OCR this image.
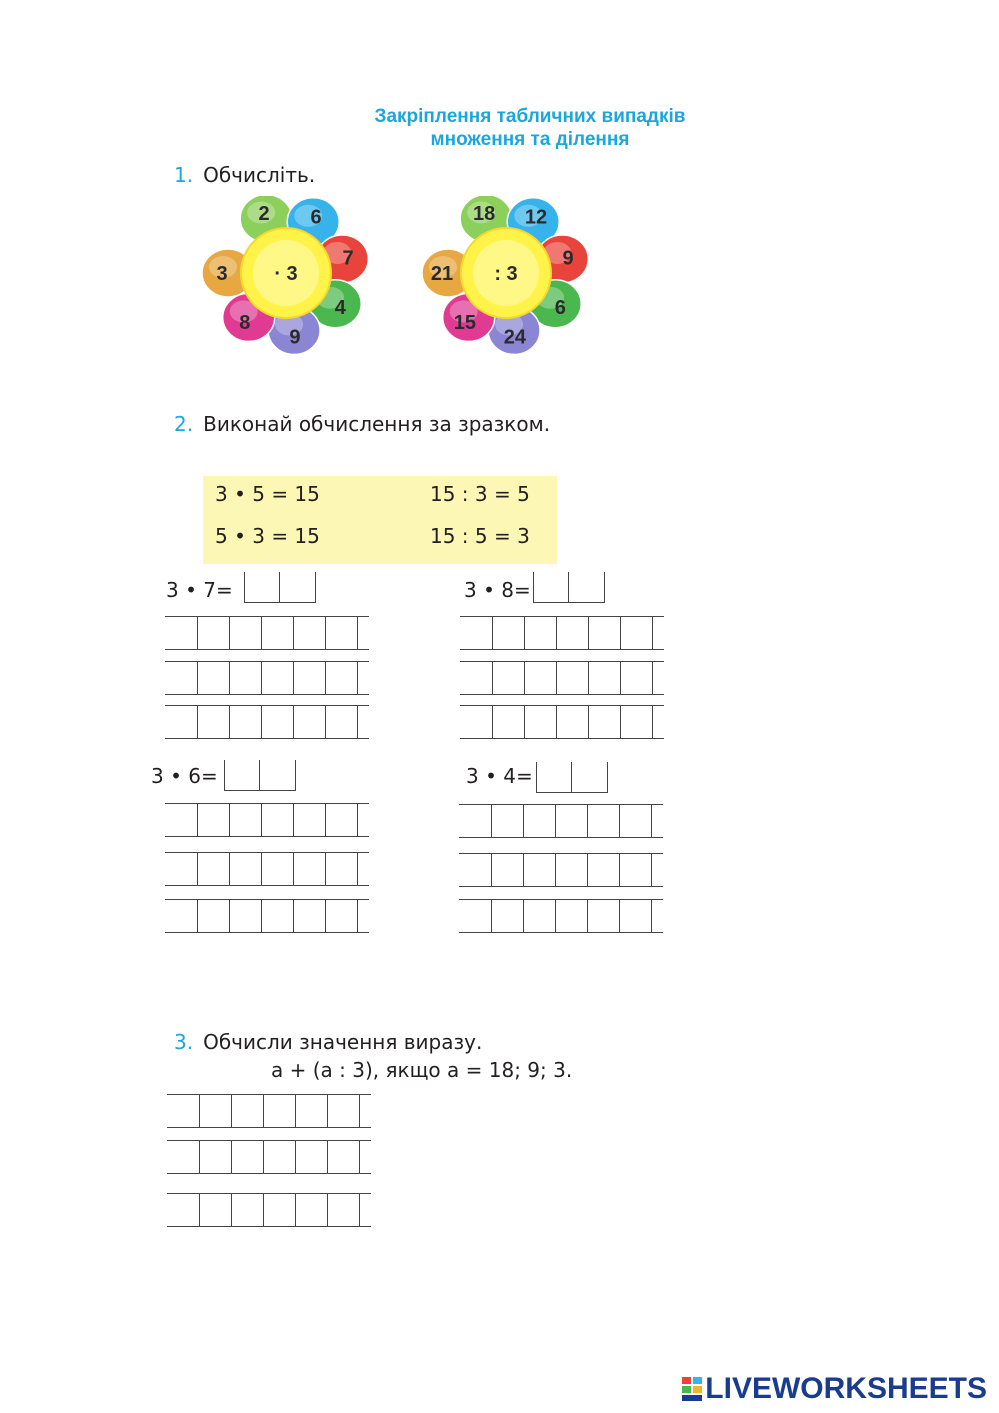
Закріплення табличних випадків
множення та ділення
1. Обчисліть.
2 6
7
4
9
8
3 · 3
18 12
9
6
24
15
21 : 3
2. Виконай обчислення за зразком.
3 • 5 = 15	15 : 3 = 5
5 • 3 = 15	15 : 5 = 3
3 • 7=	3 • 8=
3 • 6=	3 • 4=
3. Обчисли значення виразу.
a + (a : 3), якщо a = 18; 9; 3.
LIVEWORKSHEETS
